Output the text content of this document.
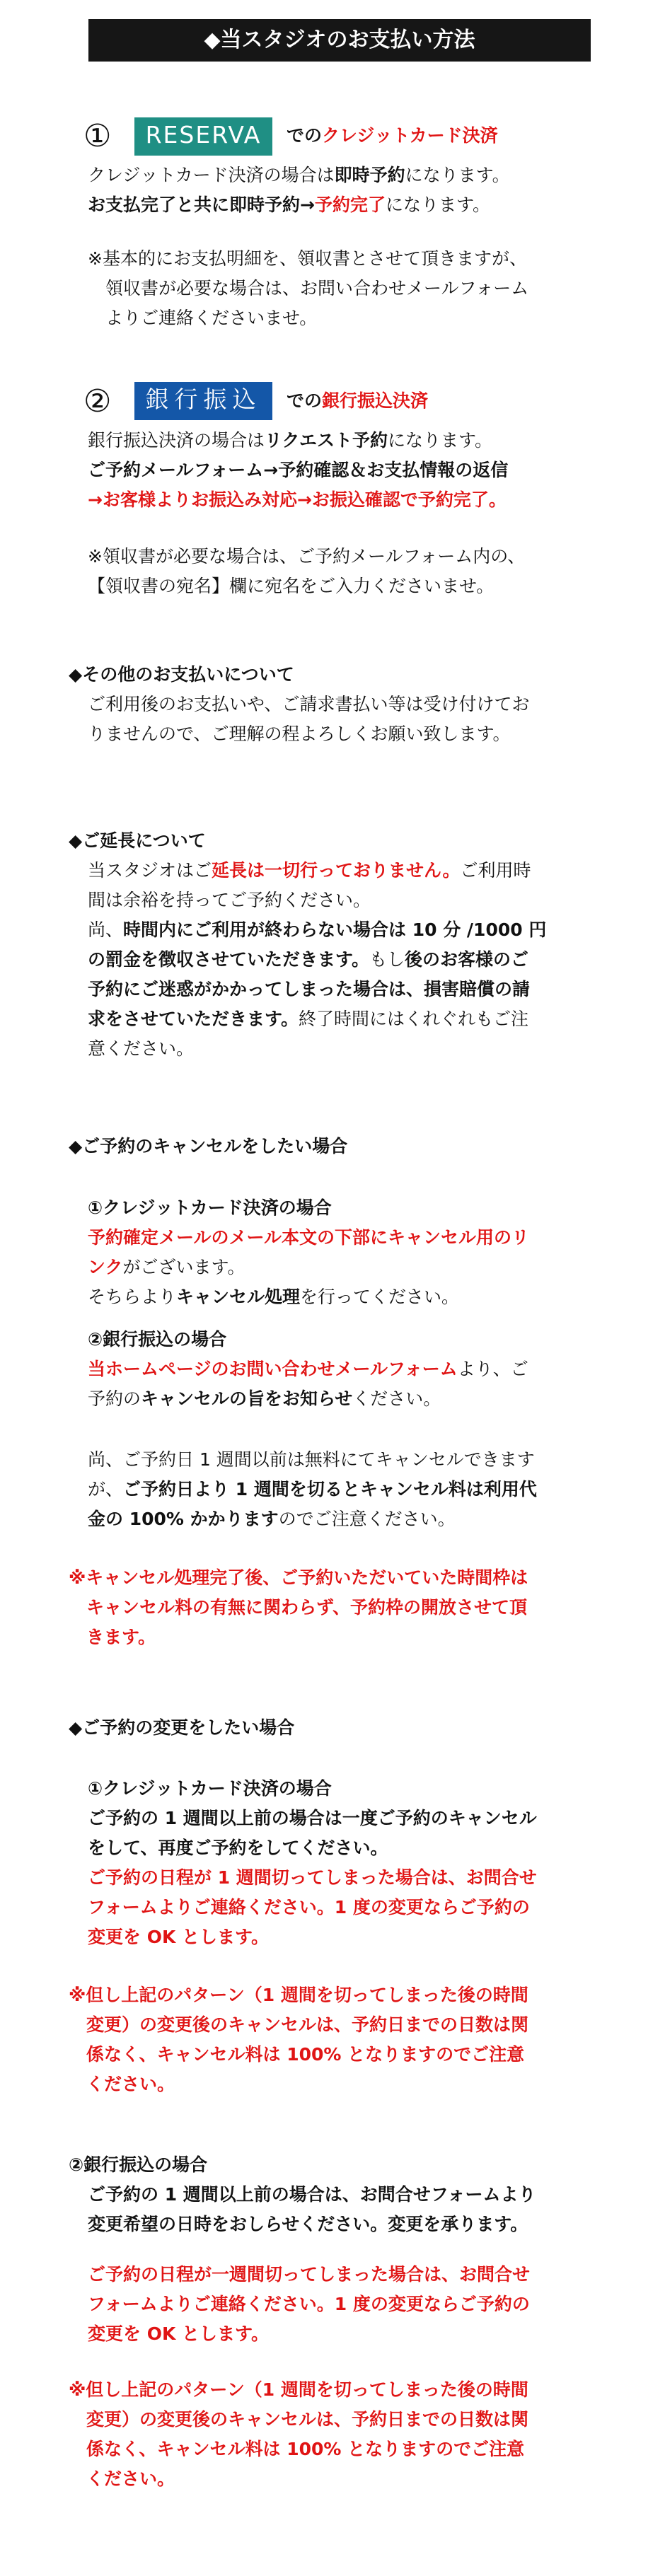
◆当スタジオのお支払い方法
①	RESERVA	でのクレジットカード決済
クレジットカード決済の場合は即時予約になります。
お支払完了と共に即時予約→予約完了になります。
※基本的にお支払明細を、領収書とさせて頂きますが、
　領収書が必要な場合は、お問い合わせメールフォーム
　よりご連絡くださいませ。
②	銀行振込	での銀行振込決済
銀行振込決済の場合はリクエスト予約になります。
ご予約メールフォーム→予約確認＆お支払情報の返信
→お客様よりお振込み対応→お振込確認で予約完了。
※領収書が必要な場合は、ご予約メールフォーム内の、
【領収書の宛名】欄に宛名をご入力くださいませ。
◆その他のお支払いについて
ご利用後のお支払いや、ご請求書払い等は受け付けてお
りませんので、ご理解の程よろしくお願い致します。
◆ご延長について
当スタジオはご延長は一切行っておりません。ご利用時
間は余裕を持ってご予約ください。
尚、時間内にご利用が終わらない場合は 10 分 /1000 円
の罰金を徴収させていただきます。もし後のお客様のご
予約にご迷惑がかかってしまった場合は、損害賠償の請
求をさせていただきます。終了時間にはくれぐれもご注
意ください。
◆ご予約のキャンセルをしたい場合
①クレジットカード決済の場合
予約確定メールのメール本文の下部にキャンセル用のリ
ンクがございます。
そちらよりキャンセル処理を行ってください。
②銀行振込の場合
当ホームページのお問い合わせメールフォームより、ご
予約のキャンセルの旨をお知らせください。
尚、ご予約日 1 週間以前は無料にてキャンセルできます
が、ご予約日より 1 週間を切るとキャンセル料は利用代
金の 100% かかりますのでご注意ください。
※キャンセル処理完了後、ご予約いただいていた時間枠は
　キャンセル料の有無に関わらず、予約枠の開放させて頂
　きます。
◆ご予約の変更をしたい場合
①クレジットカード決済の場合
ご予約の 1 週間以上前の場合は一度ご予約のキャンセル
をして、再度ご予約をしてください。
ご予約の日程が 1 週間切ってしまった場合は、お問合せ
フォームよりご連絡ください。1 度の変更ならご予約の
変更を OK とします。
※但し上記のパターン（1 週間を切ってしまった後の時間
　変更）の変更後のキャンセルは、予約日までの日数は関
　係なく、キャンセル料は 100% となりますのでご注意
　ください。
②銀行振込の場合
ご予約の 1 週間以上前の場合は、お問合せフォームより
変更希望の日時をおしらせください。変更を承ります。
ご予約の日程が一週間切ってしまった場合は、お問合せ
フォームよりご連絡ください。1 度の変更ならご予約の
変更を OK とします。
※但し上記のパターン（1 週間を切ってしまった後の時間
　変更）の変更後のキャンセルは、予約日までの日数は関
　係なく、キャンセル料は 100% となりますのでご注意
　ください。
